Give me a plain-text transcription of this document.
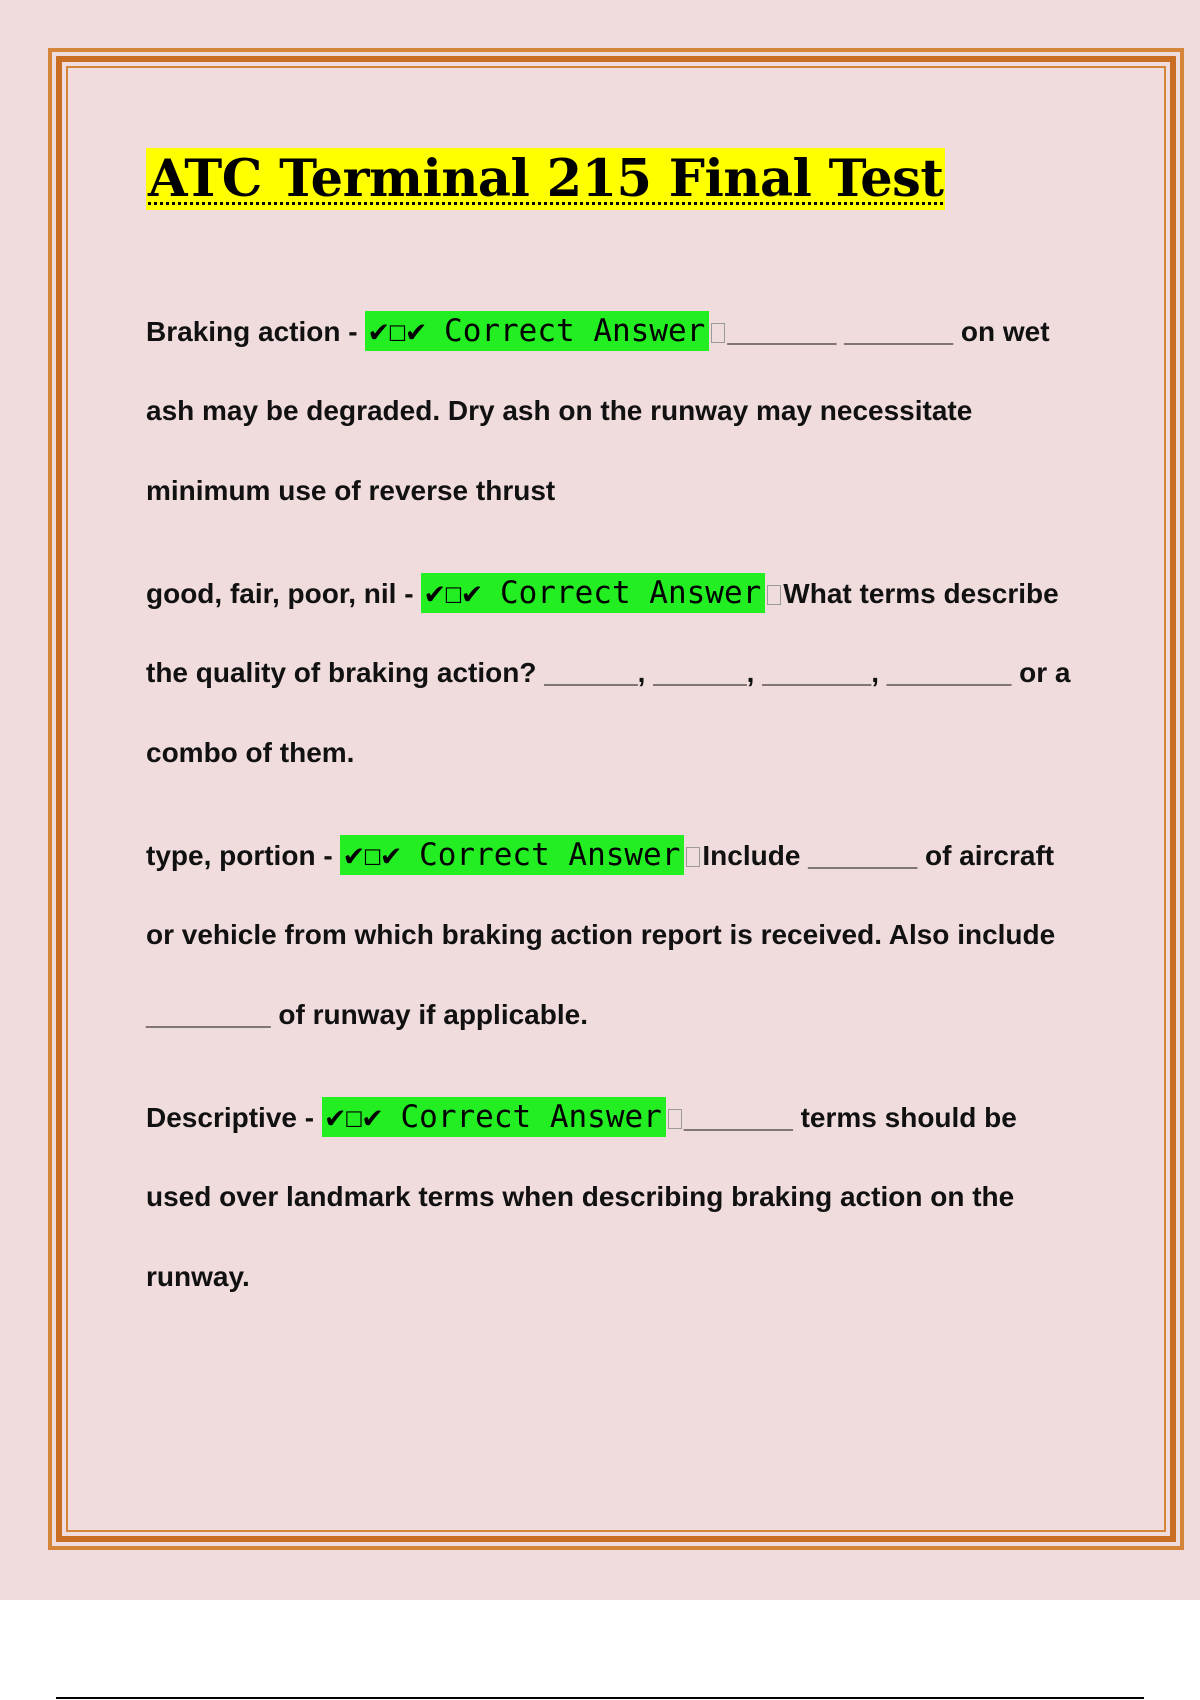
ATC Terminal 215 Final Test
Braking action - ✔☐✔ Correct Answer _______ _______ on wet
ash may be degraded. Dry ash on the runway may necessitate
minimum use of reverse thrust
good, fair, poor, nil - ✔☐✔ Correct Answer What terms describe
the quality of braking action? ______, ______, _______, ________ or a
combo of them.
type, portion - ✔☐✔ Correct Answer Include _______ of aircraft
or vehicle from which braking action report is received. Also include
________ of runway if applicable.
Descriptive - ✔☐✔ Correct Answer _______ terms should be
used over landmark terms when describing braking action on the
runway.
